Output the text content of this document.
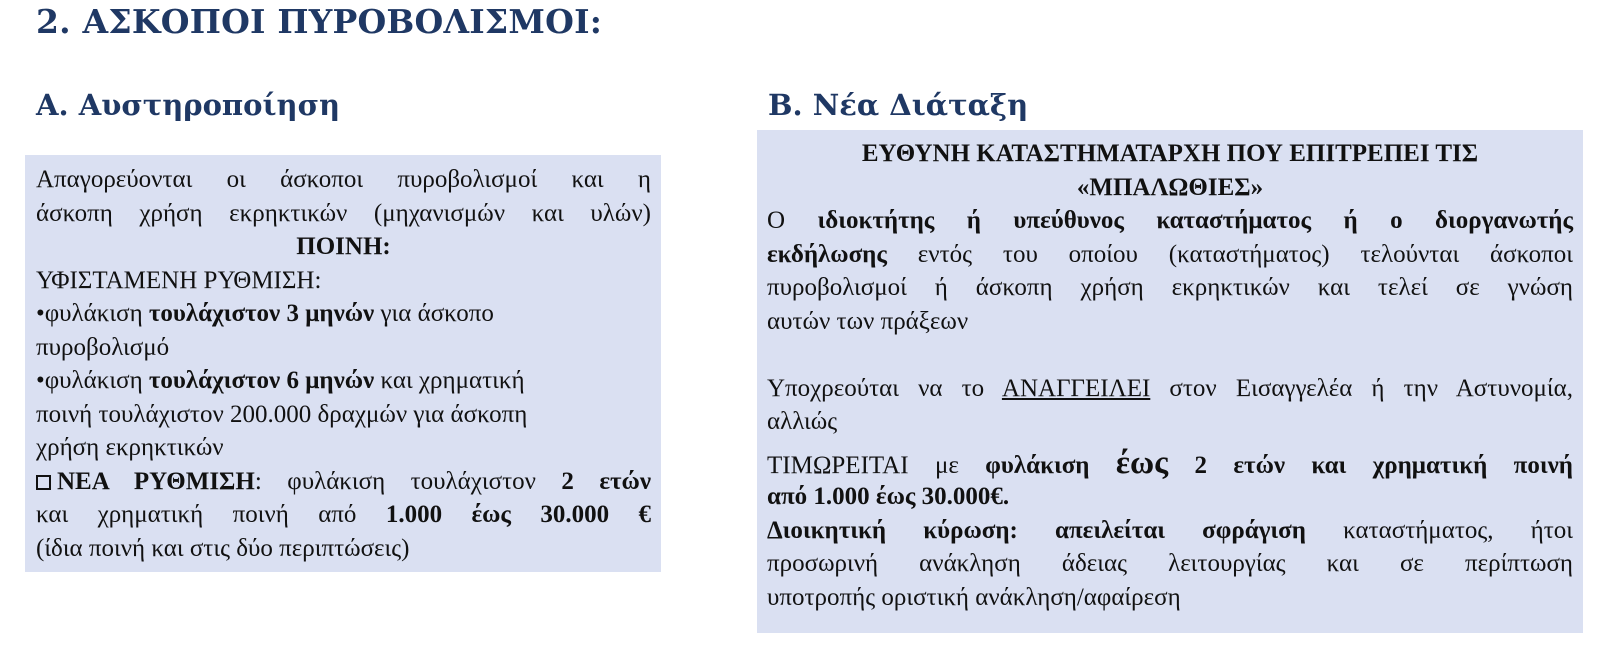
2. ΑΣΚΟΠΟΙ ΠΥΡΟΒΟΛΙΣΜΟΙ:
Α. Αυστηροποίηση	Β. Νέα Διάταξη
Απαγορεύονται οι άσκοποι πυροβολισμοί και η
άσκοπη χρήση εκρηκτικών (μηχανισμών και υλών)
ΠΟΙΝΗ:
ΥΦΙΣΤΑΜΕΝΗ ΡΥΘΜΙΣΗ:
•φυλάκιση τουλάχιστον 3 μηνών για άσκοπο
πυροβολισμό
•φυλάκιση τουλάχιστον 6 μηνών και χρηματική
ποινή τουλάχιστον 200.000 δραχμών για άσκοπη
χρήση εκρηκτικών
ΝΕΑ ΡΥΘΜΙΣΗ: φυλάκιση τουλάχιστον 2 ετών
και χρηματική ποινή από 1.000 έως 30.000 €
(ίδια ποινή και στις δύο περιπτώσεις)
ΕΥΘΥΝΗ ΚΑΤΑΣΤΗΜΑΤΑΡΧΗ ΠΟΥ ΕΠΙΤΡΕΠΕΙ ΤΙΣ
«ΜΠΑΛΩΘΙΕΣ»
Ο ιδιοκτήτης ή υπεύθυνος καταστήματος ή ο διοργανωτής
εκδήλωσης εντός του οποίου (καταστήματος) τελούνται άσκοποι
πυροβολισμοί ή άσκοπη χρήση εκρηκτικών και τελεί σε γνώση
αυτών των πράξεων
Υποχρεούται να το ΑΝΑΓΓΕΙΛΕΙ στον Εισαγγελέα ή την Αστυνομία,
αλλιώς
ΤΙΜΩΡΕΙΤΑΙ με φυλάκιση έως 2 ετών και χρηματική ποινή
από 1.000 έως 30.000€.
Διοικητική κύρωση: απειλείται σφράγιση καταστήματος, ήτοι
προσωρινή ανάκληση άδειας λειτουργίας και σε περίπτωση
υποτροπής οριστική ανάκληση/αφαίρεση
